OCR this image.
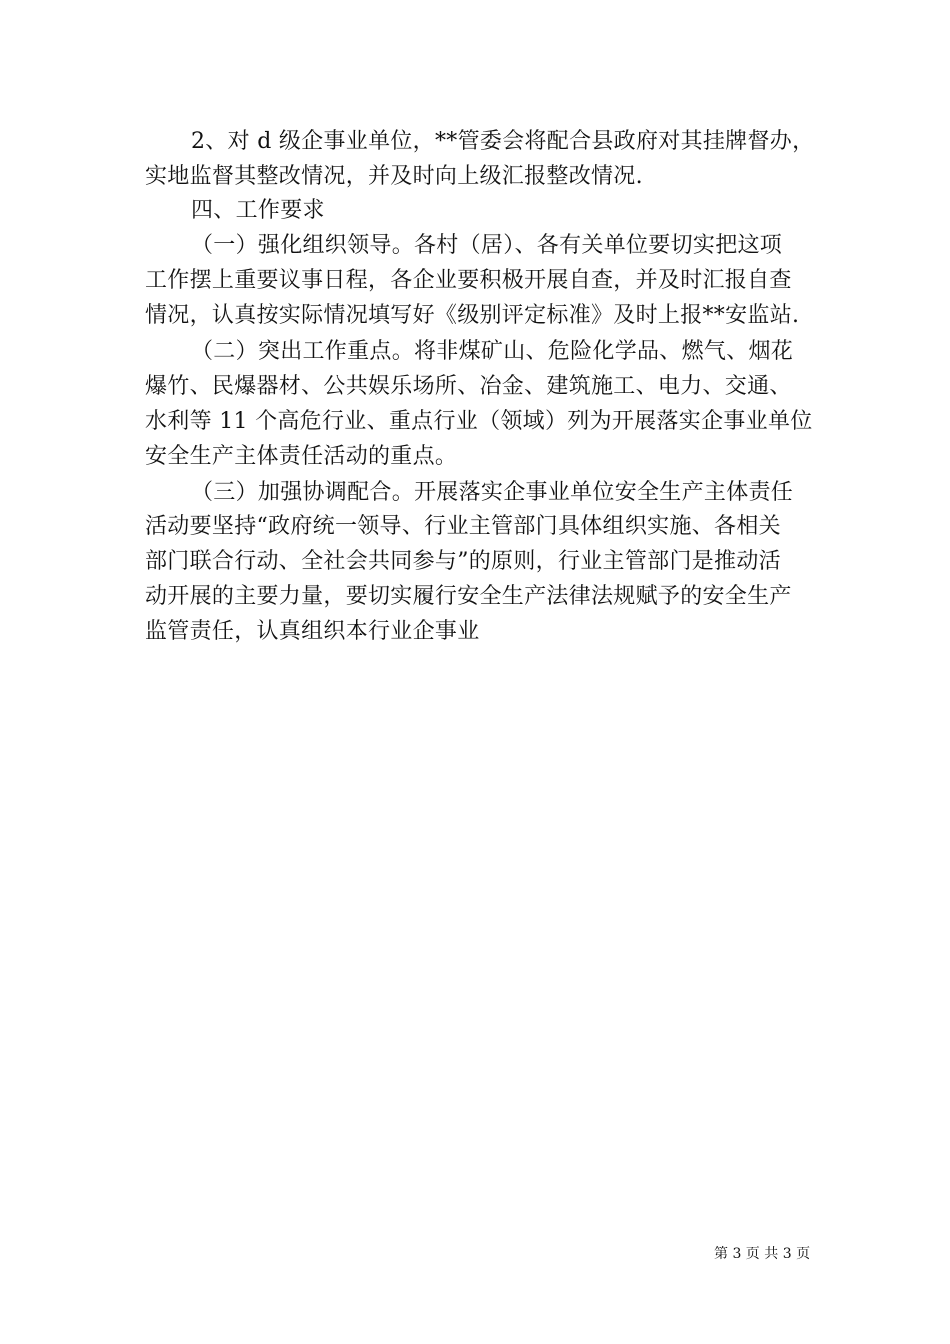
2、对 d 级企事业单位，**管委会将配合县政府对其挂牌督办，
实地监督其整改情况，并及时向上级汇报整改情况.
四、工作要求
（一）强化组织领导。各村（居）、各有关单位要切实把这项
工作摆上重要议事日程，各企业要积极开展自查，并及时汇报自查
情况，认真按实际情况填写好《级别评定标准》及时上报**安监站.
（二）突出工作重点。将非煤矿山、危险化学品、燃气、烟花
爆竹、民爆器材、公共娱乐场所、冶金、建筑施工、电力、交通、
水利等 11 个高危行业、重点行业（领域）列为开展落实企事业单位
安全生产主体责任活动的重点。
（三）加强协调配合。开展落实企事业单位安全生产主体责任
活动要坚持“政府统一领导、行业主管部门具体组织实施、各相关
部门联合行动、全社会共同参与”的原则，行业主管部门是推动活
动开展的主要力量，要切实履行安全生产法律法规赋予的安全生产
监管责任，认真组织本行业企事业
第 3 页 共 3 页
